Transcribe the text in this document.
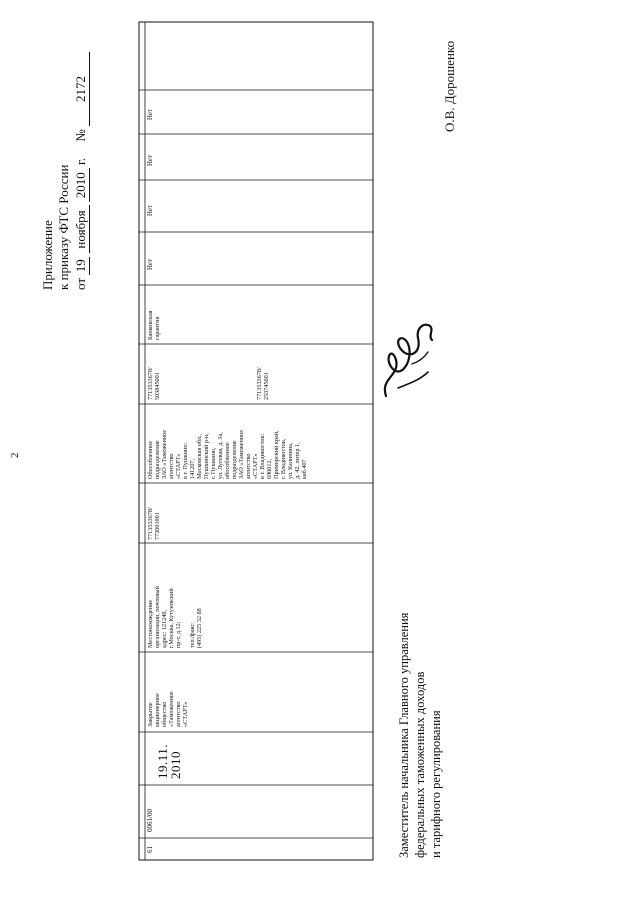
2
Приложение к приказу ФТС России от 19 ноября 2010 г.     № 2172
61
0061/00
19.11.
2010
Закрытое акционерное общество «Таможенное агентство «СТАРТ»
Местонахождение организации, почтовый адрес: 121248, г.Москва, Кутузовский пр-т, д.12; тел./факс: (495) 225 32 88
7713533678/ 773001001
Обособленное подразделение ЗАО «Таможенное агентство «СТАРТ» в г. Пушкино: 141207, Московская обл., Пушкинский р-н, г. Пушкино, ул. Луговая, д. 3а, обособленное подразделение ЗАО «Таможенное агентство «СТАРТ» в г. Владивосток: 690012, Приморский край, г. Владивосток, ул. Калинина, д. 42, литер 1, каб.407
7713533678/ 503845001	7713533678/ 253745001
Банковская гарантия
Нет
Нет
Нет
Нет
Заместитель начальника Главного управления федеральных таможенных доходов и тарифного регулирования
О.В. Дорошенко
